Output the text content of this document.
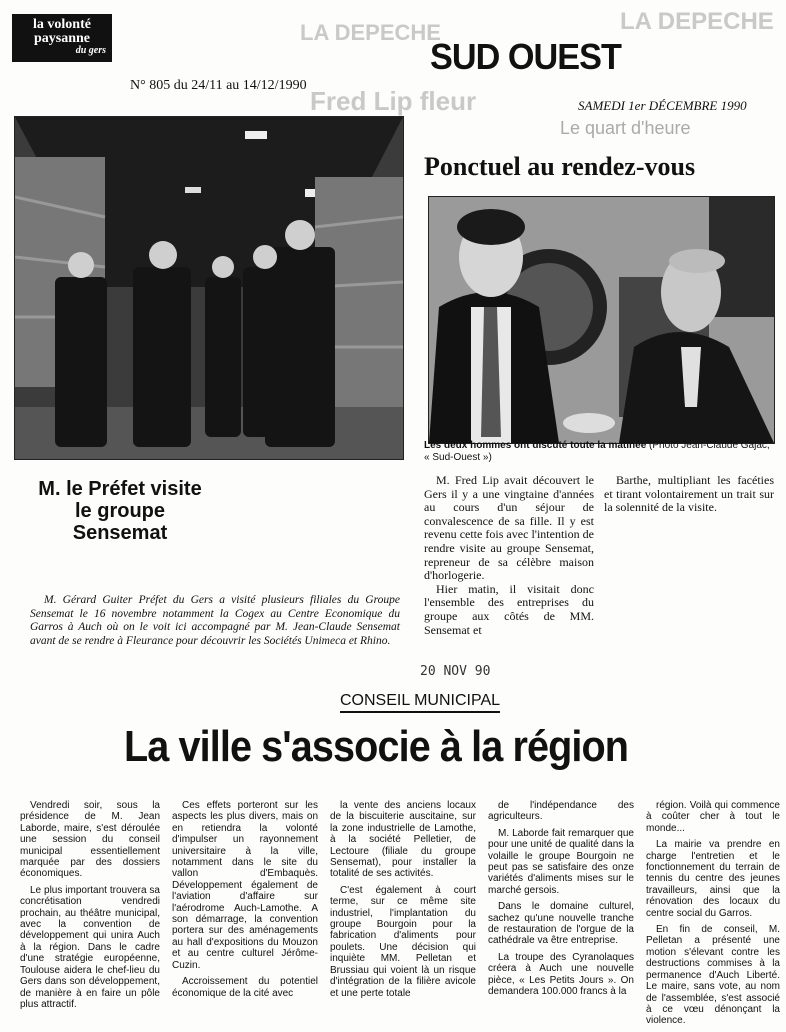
LA DEPECHE	LA DEPECHE
Fred Lip fleur
Le quart d'heure
la volonté
paysanne
du gers	SUD OUEST
N° 805 du 24/11 au 14/12/1990
SAMEDI 1er DÉCEMBRE 1990
Ponctuel au rendez-vous
Les deux hommes ont discuté toute la matinée (Photo Jean-Claude Gajac, « Sud-Ouest »)

M. Fred Lip avait découvert le Gers il y a une vingtaine d'années au cours d'un séjour de convalescence de sa fille. Il y est revenu cette fois avec l'intention de rendre visite au groupe Sensemat, repreneur de sa célèbre maison d'horlogerie.

Hier matin, il visitait donc l'ensemble des entreprises du groupe aux côtés de MM. Sensemat et

Barthe, multipliant les facéties et tirant volontairement un trait sur la solennité de la visite.

M. le Préfet visite le groupe Sensemat
M. Gérard Guiter Préfet du Gers a visité plusieurs filiales du Groupe Sensemat le 16 novembre notamment la Cogex au Centre Economique du Garros à Auch où on le voit ici accompagné par M. Jean-Claude Sensemat avant de se rendre à Fleurance pour découvrir les Sociétés Unimeca et Rhino.
20 NOV 90
CONSEIL MUNICIPAL
La ville s'associe à la région

Vendredi soir, sous la présidence de M. Jean Laborde, maire, s'est déroulée une session du conseil municipal essentiellement marquée par des dossiers économiques.

Le plus important trouvera sa concrétisation vendredi prochain, au théâtre municipal, avec la convention de développement qui unira Auch à la région. Dans le cadre d'une stratégie européenne, Toulouse aidera le chef-lieu du Gers dans son développement, de manière à en faire un pôle plus attractif.

Ces effets porteront sur les aspects les plus divers, mais on en retiendra la volonté d'impulser un rayonnement universitaire à la ville, notamment dans le site du vallon d'Embaquès. Développement également de l'aviation d'affaire sur l'aérodrome Auch-Lamothe. A son démarrage, la convention portera sur des aménagements au hall d'expositions du Mouzon et au centre culturel Jérôme-Cuzin.

Accroissement du potentiel économique de la cité avec

la vente des anciens locaux de la biscuiterie auscitaine, sur la zone industrielle de Lamothe, à la société Pelletier, de Lectoure (filiale du groupe Sensemat), pour installer la totalité de ses activités.

C'est également à court terme, sur ce même site industriel, l'implantation du groupe Bourgoin pour la fabrication d'aliments pour poulets. Une décision qui inquiète MM. Pelletan et Brussiau qui voient là un risque d'intégration de la filière avicole et une perte totale

de l'indépendance des agriculteurs.

M. Laborde fait remarquer que pour une unité de qualité dans la volaille le groupe Bourgoin ne peut pas se satisfaire des onze variétés d'aliments mises sur le marché gersois.

Dans le domaine culturel, sachez qu'une nouvelle tranche de restauration de l'orgue de la cathédrale va être entreprise.

La troupe des Cyranolaques créera à Auch une nouvelle pièce, « Les Petits Jours ». On demandera 100.000 francs à la

région. Voilà qui commence à coûter cher à tout le monde...

La mairie va prendre en charge l'entretien et le fonctionnement du terrain de tennis du centre des jeunes travailleurs, ainsi que la rénovation des locaux du centre social du Garros.

En fin de conseil, M. Pelletan a présenté une motion s'élevant contre les destructions commises à la permanence d'Auch Liberté. Le maire, sans vote, au nom de l'assemblée, s'est associé à ce vœu dénonçant la violence.
